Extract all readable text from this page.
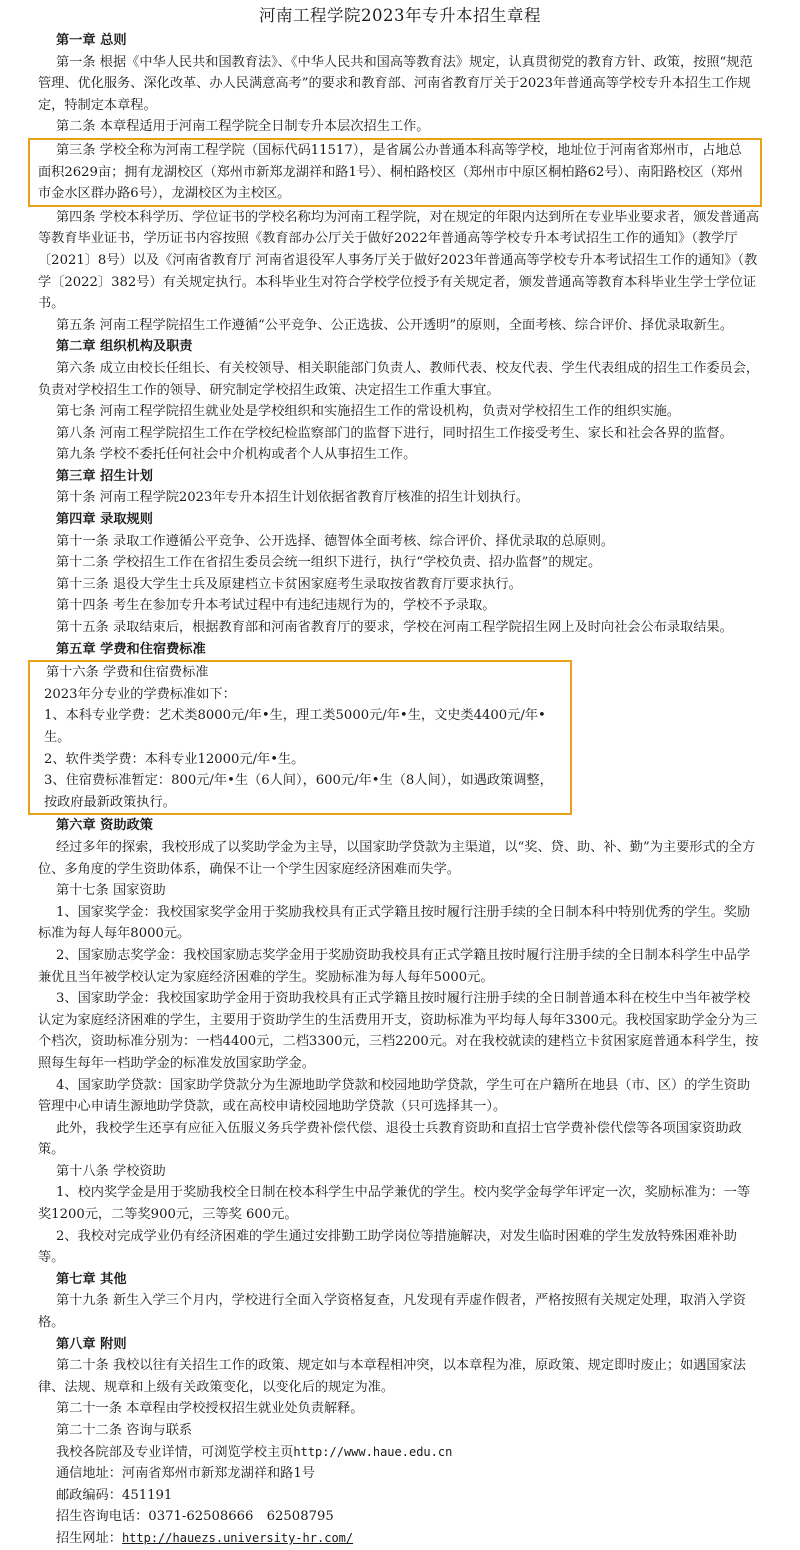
河南工程学院2023年专升本招生章程

第一章 总则

第一条 根据《中华人民共和国教育法》、《中华人民共和国高等教育法》规定，认真贯彻党的教育方针、政策，按照“规范管理、优化服务、深化改革、办人民满意高考”的要求和教育部、河南省教育厅关于2023年普通高等学校专升本招生工作规定，特制定本章程。

第二条 本章程适用于河南工程学院全日制专升本层次招生工作。

第三条 学校全称为河南工程学院（国标代码11517），是省属公办普通本科高等学校，地址位于河南省郑州市，占地总面积2629亩；拥有龙湖校区（郑州市新郑龙湖祥和路1号）、桐柏路校区（郑州市中原区桐柏路62号）、南阳路校区（郑州市金水区群办路6号），龙湖校区为主校区。

第四条 学校本科学历、学位证书的学校名称均为河南工程学院，对在规定的年限内达到所在专业毕业要求者，颁发普通高等教育毕业证书，学历证书内容按照《教育部办公厅关于做好2022年普通高等学校专升本考试招生工作的通知》（教学厅〔2021〕8号）以及《河南省教育厅 河南省退役军人事务厅关于做好2023年普通高等学校专升本考试招生工作的通知》（教学〔2022〕382号）有关规定执行。本科毕业生对符合学校学位授予有关规定者，颁发普通高等教育本科毕业生学士学位证书。

第五条 河南工程学院招生工作遵循“公平竞争、公正选拔、公开透明”的原则，全面考核、综合评价、择优录取新生。

第二章 组织机构及职责

第六条 成立由校长任组长、有关校领导、相关职能部门负责人、教师代表、校友代表、学生代表组成的招生工作委员会，负责对学校招生工作的领导、研究制定学校招生政策、决定招生工作重大事宜。

第七条 河南工程学院招生就业处是学校组织和实施招生工作的常设机构，负责对学校招生工作的组织实施。

第八条 河南工程学院招生工作在学校纪检监察部门的监督下进行，同时招生工作接受考生、家长和社会各界的监督。

第九条 学校不委托任何社会中介机构或者个人从事招生工作。

第三章 招生计划

第十条 河南工程学院2023年专升本招生计划依据省教育厅核准的招生计划执行。

第四章 录取规则

第十一条 录取工作遵循公平竞争、公开选择、德智体全面考核、综合评价、择优录取的总原则。

第十二条 学校招生工作在省招生委员会统一组织下进行，执行“学校负责、招办监督”的规定。

第十三条 退役大学生士兵及原建档立卡贫困家庭考生录取按省教育厅要求执行。

第十四条 考生在参加专升本考试过程中有违纪违规行为的，学校不予录取。

第十五条 录取结束后，根据教育部和河南省教育厅的要求，学校在河南工程学院招生网上及时向社会公布录取结果。

第五章 学费和住宿费标准

第十六条 学费和住宿费标准

2023年分专业的学费标准如下：

1、本科专业学费：艺术类8000元/年•生，理工类5000元/年•生，文史类4400元/年•生。

2、软件类学费：本科专业12000元/年•生。

3、住宿费标准暂定：800元/年•生（6人间），600元/年•生（8人间），如遇政策调整，按政府最新政策执行。

第六章 资助政策

经过多年的探索，我校形成了以奖助学金为主导，以国家助学贷款为主渠道，以“奖、贷、助、补、勤”为主要形式的全方位、多角度的学生资助体系，确保不让一个学生因家庭经济困难而失学。

第十七条 国家资助

1、国家奖学金：我校国家奖学金用于奖励我校具有正式学籍且按时履行注册手续的全日制本科中特别优秀的学生。奖励标准为每人每年8000元。

2、国家励志奖学金：我校国家励志奖学金用于奖励资助我校具有正式学籍且按时履行注册手续的全日制本科学生中品学兼优且当年被学校认定为家庭经济困难的学生。奖励标准为每人每年5000元。

3、国家助学金：我校国家助学金用于资助我校具有正式学籍且按时履行注册手续的全日制普通本科在校生中当年被学校认定为家庭经济困难的学生，主要用于资助学生的生活费用开支，资助标准为平均每人每年3300元。我校国家助学金分为三个档次，资助标准分别为：一档4400元，二档3300元，三档2200元。对在我校就读的建档立卡贫困家庭普通本科学生，按照每生每年一档助学金的标准发放国家助学金。

4、国家助学贷款：国家助学贷款分为生源地助学贷款和校园地助学贷款，学生可在户籍所在地县（市、区）的学生资助管理中心申请生源地助学贷款，或在高校申请校园地助学贷款（只可选择其一）。

此外，我校学生还享有应征入伍服义务兵学费补偿代偿、退役士兵教育资助和直招士官学费补偿代偿等各项国家资助政策。

第十八条 学校资助

1、校内奖学金是用于奖励我校全日制在校本科学生中品学兼优的学生。校内奖学金每学年评定一次，奖励标准为：一等奖1200元，二等奖900元，三等奖 600元。

2、我校对完成学业仍有经济困难的学生通过安排勤工助学岗位等措施解决，对发生临时困难的学生发放特殊困难补助等。

第七章 其他

第十九条 新生入学三个月内，学校进行全面入学资格复查，凡发现有弄虚作假者，严格按照有关规定处理，取消入学资格。

第八章 附则

第二十条 我校以往有关招生工作的政策、规定如与本章程相冲突，以本章程为准，原政策、规定即时废止；如遇国家法律、法规、规章和上级有关政策变化，以变化后的规定为准。

第二十一条 本章程由学校授权招生就业处负责解释。

第二十二条 咨询与联系

我校各院部及专业详情，可浏览学校主页http://www.haue.edu.cn

通信地址：河南省郑州市新郑龙湖祥和路1号

邮政编码：451191

招生咨询电话：0371-62508666　62508795

招生网址：http://hauezs.university-hr.com/
